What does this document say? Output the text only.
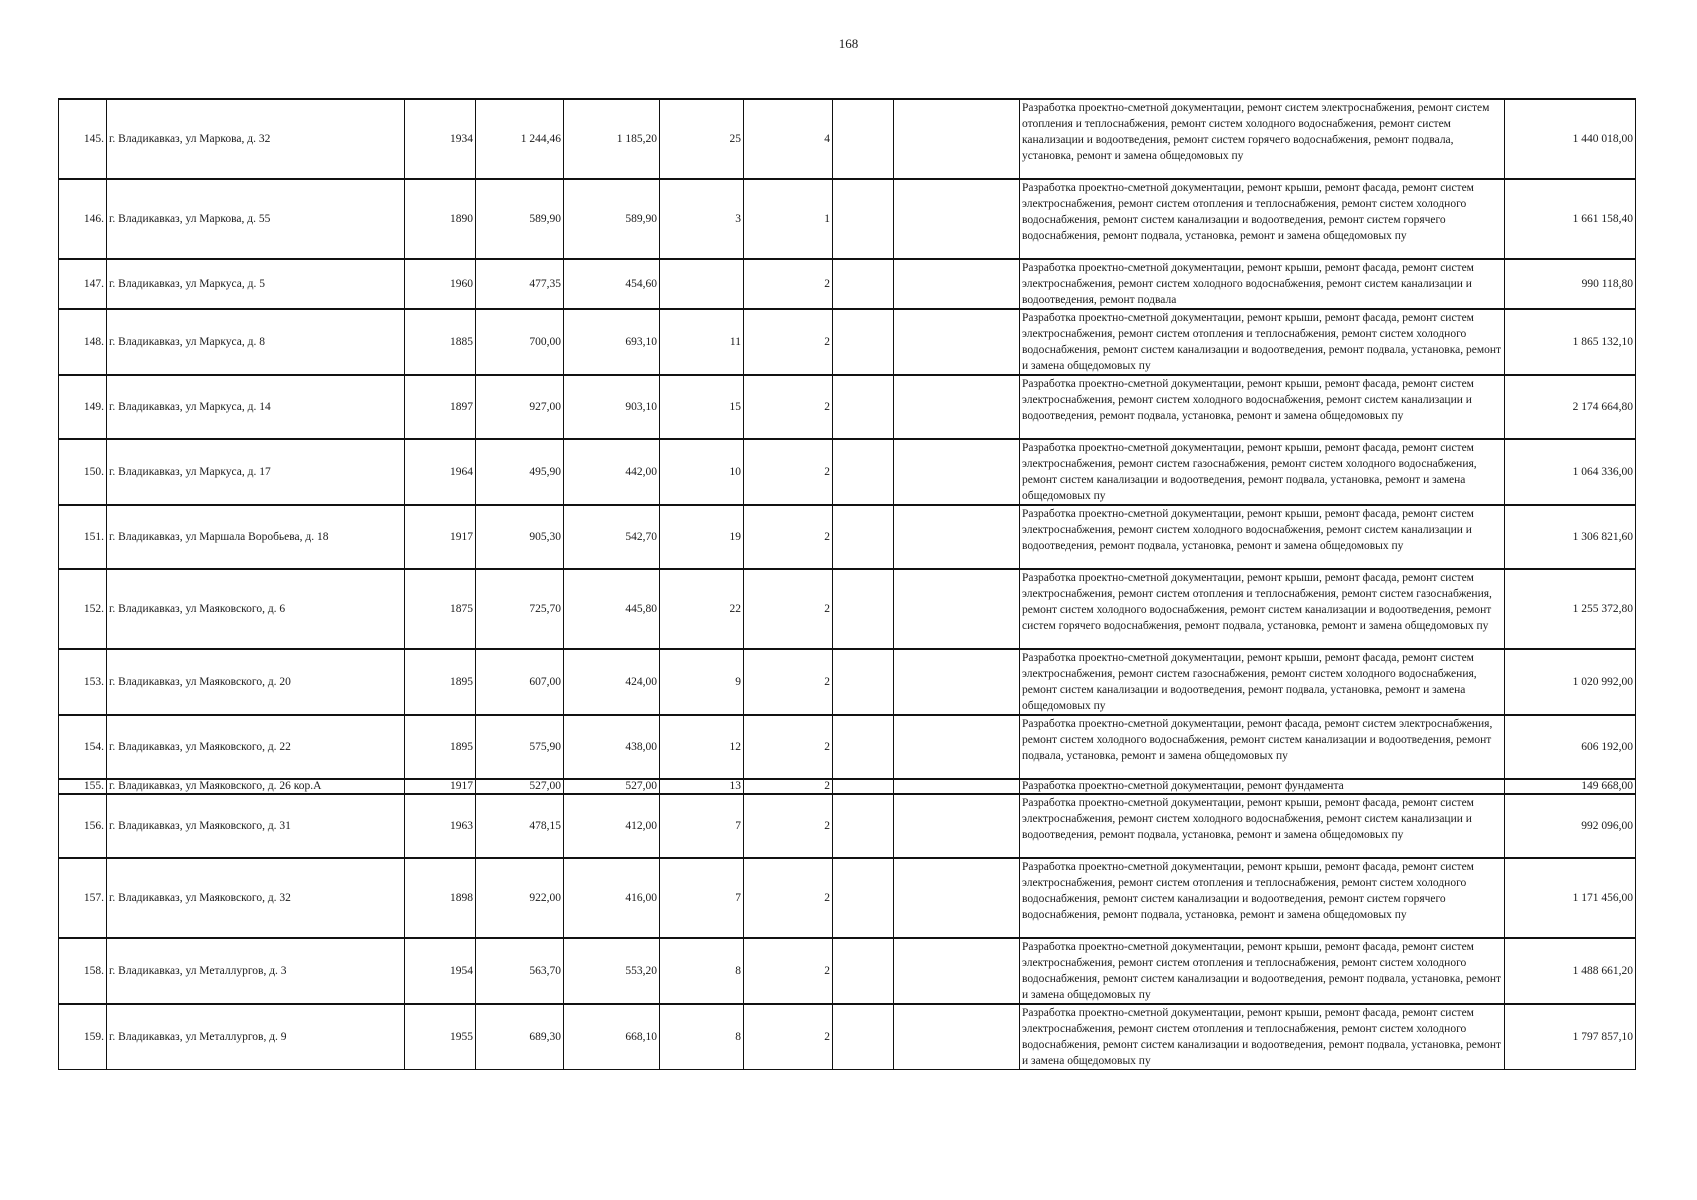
168
145.	г. Владикавказ, ул Маркова, д. 32	1934	1 244,46	1 185,20	25	4			Разработка проектно-сметной документации, ремонт систем электроснабжения, ремонт систем отопления и теплоснабжения, ремонт систем холодного водоснабжения, ремонт систем канализации и водоотведения, ремонт систем горячего водоснабжения, ремонт подвала, установка, ремонт и замена общедомовых пу	1 440 018,00
146.	г. Владикавказ, ул Маркова, д. 55	1890	589,90	589,90	3	1			Разработка проектно-сметной документации, ремонт крыши, ремонт фасада, ремонт систем электроснабжения, ремонт систем отопления и теплоснабжения, ремонт систем холодного водоснабжения, ремонт систем канализации и водоотведения, ремонт систем горячего водоснабжения, ремонт подвала, установка, ремонт и замена общедомовых пу	1 661 158,40
147.	г. Владикавказ, ул Маркуса, д. 5	1960	477,35	454,60		2			Разработка проектно-сметной документации, ремонт крыши, ремонт фасада, ремонт систем электроснабжения, ремонт систем холодного водоснабжения, ремонт систем канализации и водоотведения, ремонт подвала	990 118,80
148.	г. Владикавказ, ул Маркуса, д. 8	1885	700,00	693,10	11	2			Разработка проектно-сметной документации, ремонт крыши, ремонт фасада, ремонт систем электроснабжения, ремонт систем отопления и теплоснабжения, ремонт систем холодного водоснабжения, ремонт систем канализации и водоотведения, ремонт подвала, установка, ремонт и замена общедомовых пу	1 865 132,10
149.	г. Владикавказ, ул Маркуса, д. 14	1897	927,00	903,10	15	2			Разработка проектно-сметной документации, ремонт крыши, ремонт фасада, ремонт систем электроснабжения, ремонт систем холодного водоснабжения, ремонт систем канализации и водоотведения, ремонт подвала, установка, ремонт и замена общедомовых пу	2 174 664,80
150.	г. Владикавказ, ул Маркуса, д. 17	1964	495,90	442,00	10	2			Разработка проектно-сметной документации, ремонт крыши, ремонт фасада, ремонт систем электроснабжения, ремонт систем газоснабжения, ремонт систем холодного водоснабжения, ремонт систем канализации и водоотведения, ремонт подвала, установка, ремонт и замена общедомовых пу	1 064 336,00
151.	г. Владикавказ, ул Маршала Воробьева, д. 18	1917	905,30	542,70	19	2			Разработка проектно-сметной документации, ремонт крыши, ремонт фасада, ремонт систем электроснабжения, ремонт систем холодного водоснабжения, ремонт систем канализации и водоотведения, ремонт подвала, установка, ремонт и замена общедомовых пу	1 306 821,60
152.	г. Владикавказ, ул Маяковского, д. 6	1875	725,70	445,80	22	2			Разработка проектно-сметной документации, ремонт крыши, ремонт фасада, ремонт систем электроснабжения, ремонт систем отопления и теплоснабжения, ремонт систем газоснабжения, ремонт систем холодного водоснабжения, ремонт систем канализации и водоотведения, ремонт систем горячего водоснабжения, ремонт подвала, установка, ремонт и замена общедомовых пу	1 255 372,80
153.	г. Владикавказ, ул Маяковского, д. 20	1895	607,00	424,00	9	2			Разработка проектно-сметной документации, ремонт крыши, ремонт фасада, ремонт систем электроснабжения, ремонт систем газоснабжения, ремонт систем холодного водоснабжения, ремонт систем канализации и водоотведения, ремонт подвала, установка, ремонт и замена общедомовых пу	1 020 992,00
154.	г. Владикавказ, ул Маяковского, д. 22	1895	575,90	438,00	12	2			Разработка проектно-сметной документации, ремонт фасада, ремонт систем электроснабжения, ремонт систем холодного водоснабжения, ремонт систем канализации и водоотведения, ремонт подвала, установка, ремонт и замена общедомовых пу	606 192,00
155.	г. Владикавказ, ул Маяковского, д. 26 кор.А	1917	527,00	527,00	13	2			Разработка проектно-сметной документации, ремонт фундамента	149 668,00
156.	г. Владикавказ, ул Маяковского, д. 31	1963	478,15	412,00	7	2			Разработка проектно-сметной документации, ремонт крыши, ремонт фасада, ремонт систем электроснабжения, ремонт систем холодного водоснабжения, ремонт систем канализации и водоотведения, ремонт подвала, установка, ремонт и замена общедомовых пу	992 096,00
157.	г. Владикавказ, ул Маяковского, д. 32	1898	922,00	416,00	7	2			Разработка проектно-сметной документации, ремонт крыши, ремонт фасада, ремонт систем электроснабжения, ремонт систем отопления и теплоснабжения, ремонт систем холодного водоснабжения, ремонт систем канализации и водоотведения, ремонт систем горячего водоснабжения, ремонт подвала, установка, ремонт и замена общедомовых пу	1 171 456,00
158.	г. Владикавказ, ул Металлургов, д. 3	1954	563,70	553,20	8	2			Разработка проектно-сметной документации, ремонт крыши, ремонт фасада, ремонт систем электроснабжения, ремонт систем отопления и теплоснабжения, ремонт систем холодного водоснабжения, ремонт систем канализации и водоотведения, ремонт подвала, установка, ремонт и замена общедомовых пу	1 488 661,20
159.	г. Владикавказ, ул Металлургов, д. 9	1955	689,30	668,10	8	2			Разработка проектно-сметной документации, ремонт крыши, ремонт фасада, ремонт систем электроснабжения, ремонт систем отопления и теплоснабжения, ремонт систем холодного водоснабжения, ремонт систем канализации и водоотведения, ремонт подвала, установка, ремонт и замена общедомовых пу	1 797 857,10
